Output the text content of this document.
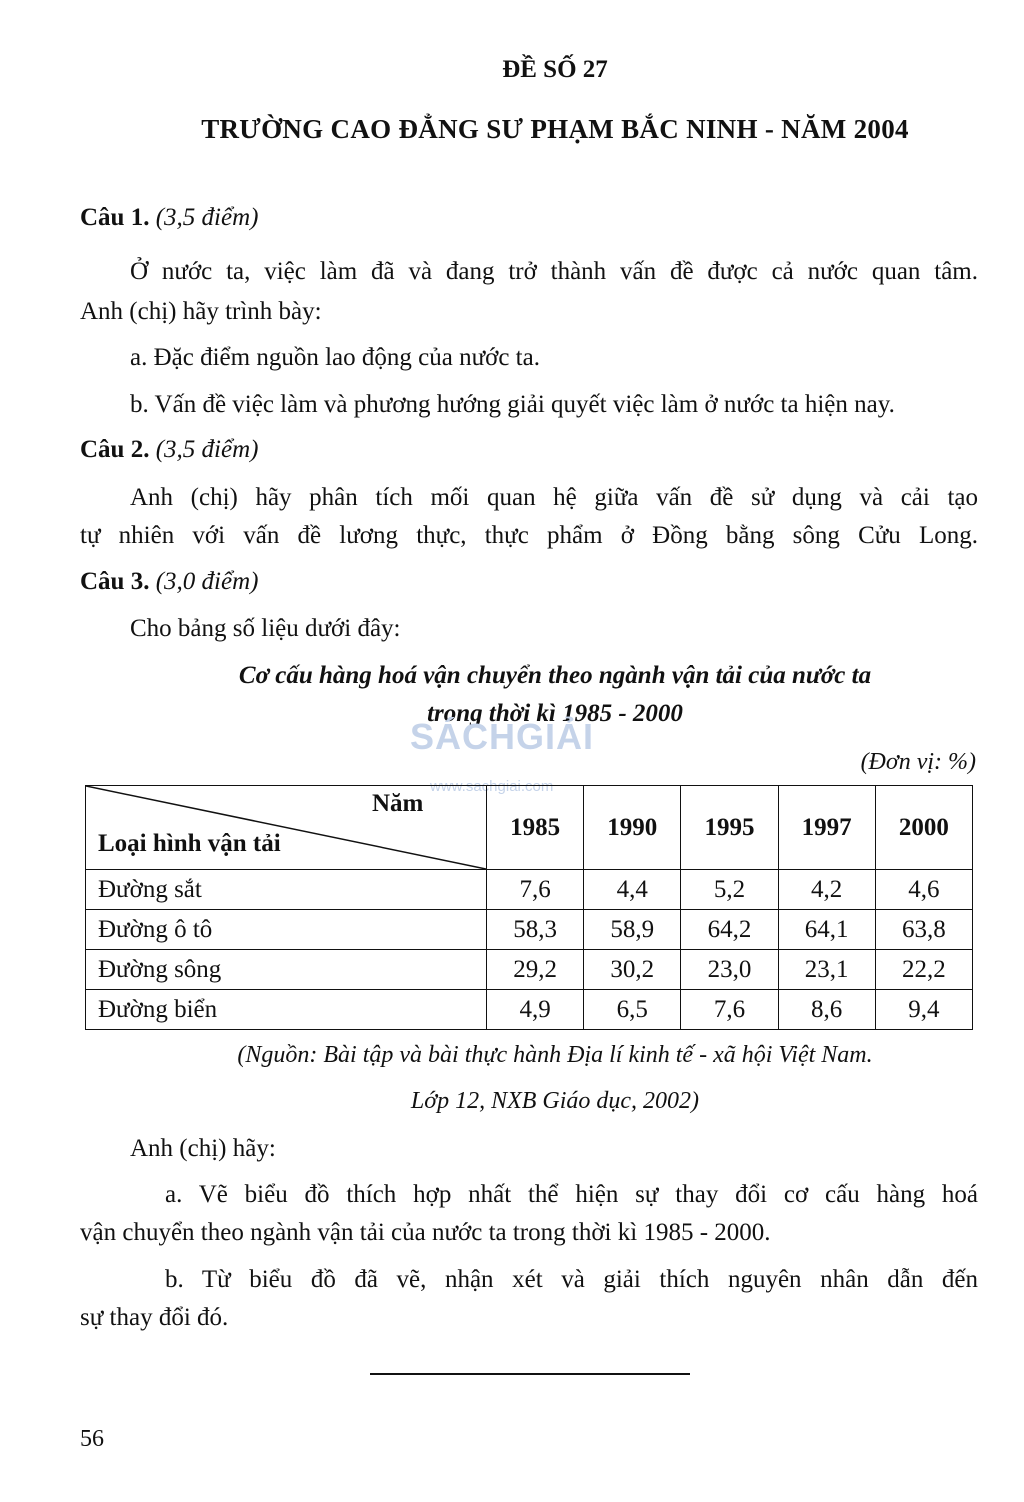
ĐỀ SỐ 27
TRƯỜNG CAO ĐẲNG SƯ PHẠM BẮC NINH - NĂM 2004
Câu 1. (3,5 điểm)
Ở nước ta, việc làm đã và đang trở thành vấn đề được cả nước quan tâm.
Anh (chị) hãy trình bày:
a. Đặc điểm nguồn lao động của nước ta.
b. Vấn đề việc làm và phương hướng giải quyết việc làm ở nước ta hiện nay.
Câu 2. (3,5 điểm)
Anh (chị) hãy phân tích mối quan hệ giữa vấn đề sử dụng và cải tạo
tự nhiên với vấn đề lương thực, thực phẩm ở Đồng bằng sông Cửu Long.
Câu 3. (3,0 điểm)
Cho bảng số liệu dưới đây:
Cơ cấu hàng hoá vận chuyển theo ngành vận tải của nước ta
trong thời kì 1985 - 2000
SÁCHGIẢI
www.sachgiai.com
(Đơn vị: %)
Năm
Loại hình vận tải	1985	1990	1995	1997	2000
Đường sắt	7,6	4,4	5,2	4,2	4,6
Đường ô tô	58,3	58,9	64,2	64,1	63,8
Đường sông	29,2	30,2	23,0	23,1	22,2
Đường biển	4,9	6,5	7,6	8,6	9,4
(Nguồn: Bài tập và bài thực hành Địa lí kinh tế - xã hội Việt Nam.
Lớp 12, NXB Giáo dục, 2002)
Anh (chị) hãy:
a. Vẽ biểu đồ thích hợp nhất thể hiện sự thay đổi cơ cấu hàng hoá
vận chuyển theo ngành vận tải của nước ta trong thời kì 1985 - 2000.
b. Từ biểu đồ đã vẽ, nhận xét và giải thích nguyên nhân dẫn đến
sự thay đổi đó.
56
